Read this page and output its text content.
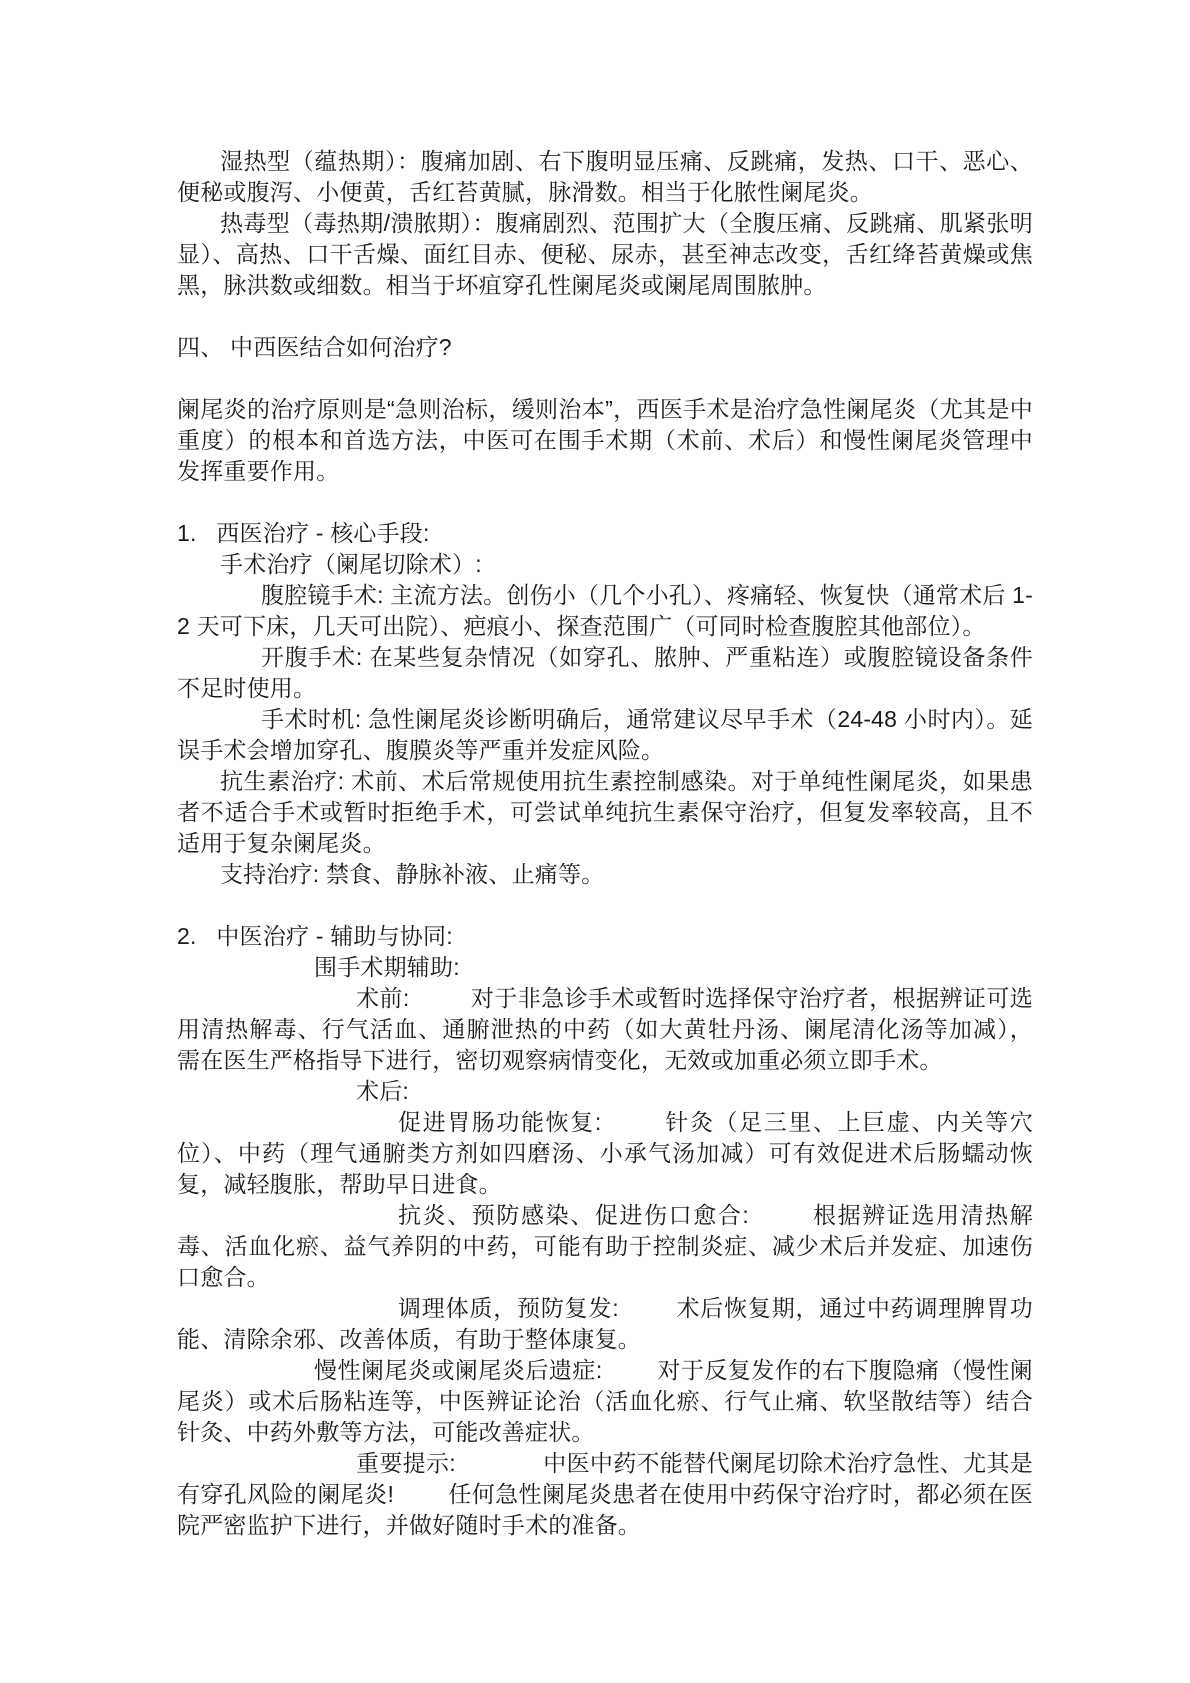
湿热型（蕴热期）：腹痛加剧、右下腹明显压痛、反跳痛，发热、口干、恶心、便秘或腹泻、小便黄，舌红苔黄腻，脉滑数。相当于化脓性阑尾炎。
热毒型（毒热期/溃脓期）：腹痛剧烈、范围扩大（全腹压痛、反跳痛、肌紧张明显）、高热、口干舌燥、面红目赤、便秘、尿赤，甚至神志改变，舌红绛苔黄燥或焦黑，脉洪数或细数。相当于坏疽穿孔性阑尾炎或阑尾周围脓肿。
四、 中西医结合如何治疗?
阑尾炎的治疗原则是“急则治标，缓则治本”，西医手术是治疗急性阑尾炎（尤其是中重度）的根本和首选方法，中医可在围手术期（术前、术后）和慢性阑尾炎管理中发挥重要作用。
1.   西医治疗 - 核心手段:
手术治疗（阑尾切除术）:
腹腔镜手术: 主流方法。创伤小（几个小孔）、疼痛轻、恢复快（通常术后 1-2 天可下床，几天可出院）、疤痕小、探查范围广（可同时检查腹腔其他部位）。
开腹手术: 在某些复杂情况（如穿孔、脓肿、严重粘连）或腹腔镜设备条件不足时使用。
手术时机: 急性阑尾炎诊断明确后，通常建议尽早手术（24-48 小时内）。延误手术会增加穿孔、腹膜炎等严重并发症风险。
抗生素治疗: 术前、术后常规使用抗生素控制感染。对于单纯性阑尾炎，如果患者不适合手术或暂时拒绝手术，可尝试单纯抗生素保守治疗，但复发率较高，且不适用于复杂阑尾炎。
支持治疗: 禁食、静脉补液、止痛等。
2.   中医治疗 - 辅助与协同:
围手术期辅助:
术前:         对于非急诊手术或暂时选择保守治疗者，根据辨证可选用清热解毒、行气活血、通腑泄热的中药（如大黄牡丹汤、阑尾清化汤等加减），        需在医生严格指导下进行，密切观察病情变化，无效或加重必须立即手术。
术后:
促进胃肠功能恢复:        针灸（足三里、上巨虚、内关等穴位）、中药（理气通腑类方剂如四磨汤、小承气汤加减）可有效促进术后肠蠕动恢复，减轻腹胀，帮助早日进食。
抗炎、预防感染、促进伤口愈合:        根据辨证选用清热解毒、活血化瘀、益气养阴的中药，可能有助于控制炎症、减少术后并发症、加速伤口愈合。
调理体质，预防复发:        术后恢复期，通过中药调理脾胃功能、清除余邪、改善体质，有助于整体康复。
慢性阑尾炎或阑尾炎后遗症:        对于反复发作的右下腹隐痛（慢性阑尾炎）或术后肠粘连等，中医辨证论治（活血化瘀、行气止痛、软坚散结等）结合针灸、中药外敷等方法，可能改善症状。
重要提示:             中医中药不能替代阑尾切除术治疗急性、尤其是有穿孔风险的阑尾炎!        任何急性阑尾炎患者在使用中药保守治疗时，都必须在医院严密监护下进行，并做好随时手术的准备。
